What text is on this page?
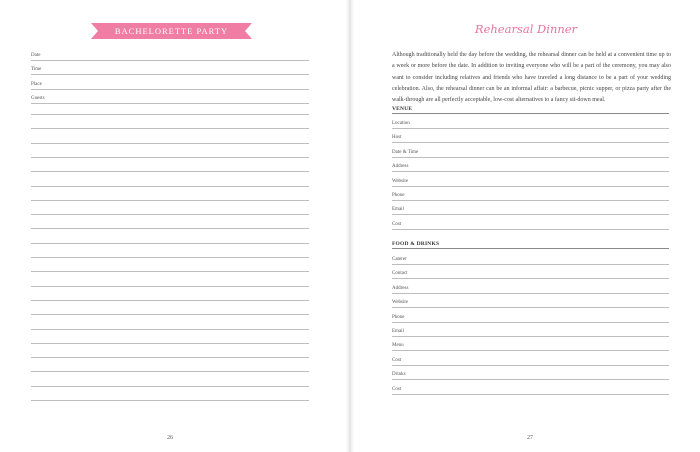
BACHELORETTE PARTY
Date
Time
Place
Guests
26
Rehearsal Dinner
Although traditionally held the day before the wedding, the rehearsal dinner can be held at a convenient time up to a week or more before the date. In addition to inviting everyone who will be a part of the ceremony, you may also want to consider including relatives and friends who have traveled a long distance to be a part of your wedding celebration. Also, the rehearsal dinner can be an informal affair: a barbecue, picnic supper, or pizza party after the walk-through are all perfectly acceptable, low-cost alternatives to a fancy sit-down meal.
VENUE
Location
Host
Date & Time
Address
Website
Phone
Email
Cost
FOOD & DRINKS
Caterer
Contact
Address
Website
Phone
Email
Menu
Cost
Drinks
Cost
27
